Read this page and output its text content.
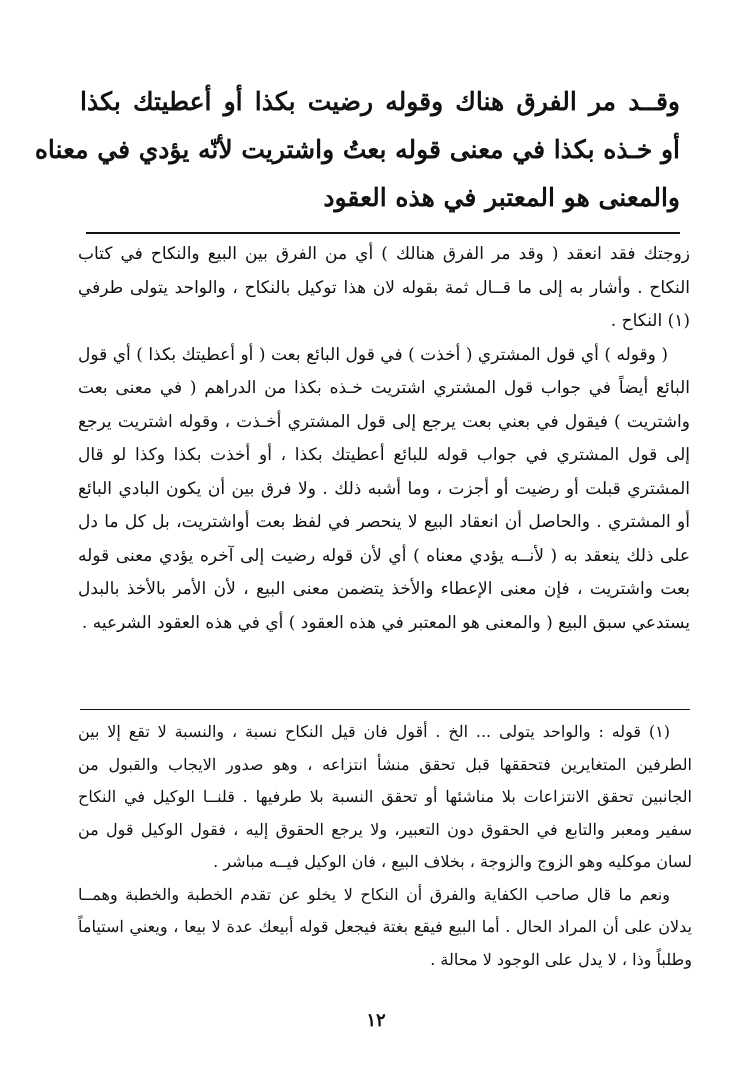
وقــد مر الفرق هناك وقوله رضيت بكذا أو أعطيتك بكذا
أو خـذه بكذا في معنى قوله بعتُ واشتريت لأنّه يؤدي في معناه
والمعنى هو المعتبر في هذه العقود

زوجتك فقد انعقد ( وقد مر الفرق هنالك ) أي من الفرق بين البيع والنكاح في كتاب النكاح . وأشار به إلى ما قــال ثمة بقوله لان هذا توكيل بالنكاح ، والواحد يتولى طرفي (١) النكاح .

( وقوله ) أي قول المشتري ( أخذت ) في قول البائع بعت ( أو أعطيتك بكذا ) أي قول البائع أيضاً في جواب قول المشتري اشتريت خـذه بكذا من الدراهم ( في معنى بعت واشتريت ) فيقول في بعني بعت يرجع إلى قول المشتري أخـذت ، وقوله اشتريت يرجع إلى قول المشتري في جواب قوله للبائع أعطيتك بكذا ، أو أخذت بكذا وكذا لو قال المشتري قبلت أو رضيت أو أجزت ، وما أشبه ذلك . ولا فرق بين أن يكون البادي البائع أو المشتري . والحاصل أن انعقاد البيع لا ينحصر في لفظ بعت أواشتريت، بل كل ما دل على ذلك ينعقد به ( لأنــه يؤدي معناه ) أي لأن قوله رضيت إلى آخره يؤدي معنى قوله بعت واشتريت ، فإن معنى الإعطاء والأخذ يتضمن معنى البيع ، لأن الأمر بالأخذ بالبدل يستدعي سبق البيع ( والمعنى هو المعتبر في هذه العقود ) أي في هذه العقود الشرعيه .

(١) قوله : والواحد يتولى ... الخ . أقول فان قيل النكاح نسبة ، والنسبة لا تقع إلا بين الطرفين المتغايرين فتحققها قبل تحقق منشأ انتزاعه ، وهو صدور الايجاب والقبول من الجانبين تحقق الانتزاعات بلا مناشئها أو تحقق النسبة بلا طرفيها . قلنــا الوكيل في النكاح سفير ومعبر والتابع في الحقوق دون التعبير، ولا يرجع الحقوق إليه ، فقول الوكيل قول من لسان موكليه وهو الزوج والزوجة ، بخلاف البيع ، فان الوكيل فيــه مباشر .

ونعم ما قال صاحب الكفاية والفرق أن النكاح لا يخلو عن تقدم الخطبة والخطبة وهمــا يدلان على أن المراد الحال . أما البيع فيقع بغتة فيجعل قوله أبيعك عدة لا بيعا ، ويعني استياماً وطلباً وذا ، لا يدل على الوجود لا محالة .

١٢
